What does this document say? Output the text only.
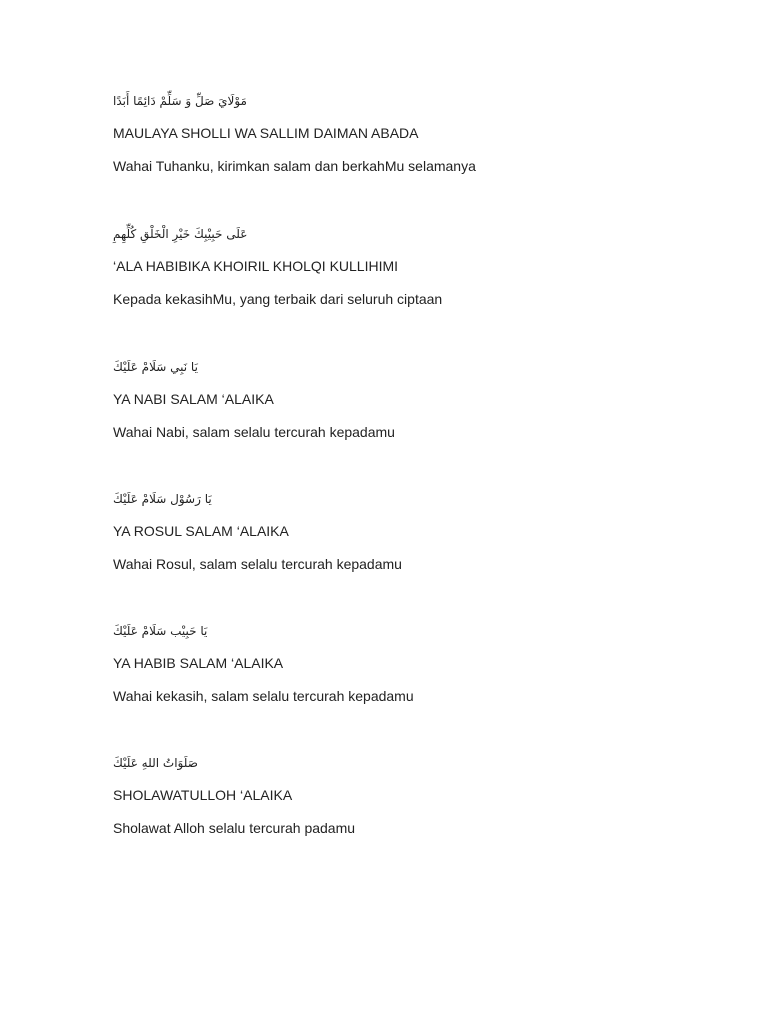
مَوْلَايَ صَلِّ وَ سَلِّمْ دَائِمًا أَبَدًا
MAULAYA SHOLLI WA SALLIM DAIMAN ABADA
Wahai Tuhanku, kirimkan salam dan berkahMu selamanya
عَلَى حَبِيْبِكَ خَيْرِ الْخَلْقِ كُلِّهِمِ
‘ALA HABIBIKA KHOIRIL KHOLQI KULLIHIMI
Kepada kekasihMu, yang terbaik dari seluruh ciptaan
يَا نَبِي سَلَامْ عَلَيْكَ
YA NABI SALAM ‘ALAIKA
Wahai Nabi, salam selalu tercurah kepadamu
يَا رَسُوْل سَلَامْ عَلَيْكَ
YA ROSUL SALAM ‘ALAIKA
Wahai Rosul, salam selalu tercurah kepadamu
يَا حَبِيْب سَلَامْ عَلَيْكَ
YA HABIB SALAM ‘ALAIKA
Wahai kekasih, salam selalu tercurah kepadamu
صَلَوَاتُ اللهِ عَلَيْكَ
SHOLAWATULLOH ‘ALAIKA
Sholawat Alloh selalu tercurah padamu
